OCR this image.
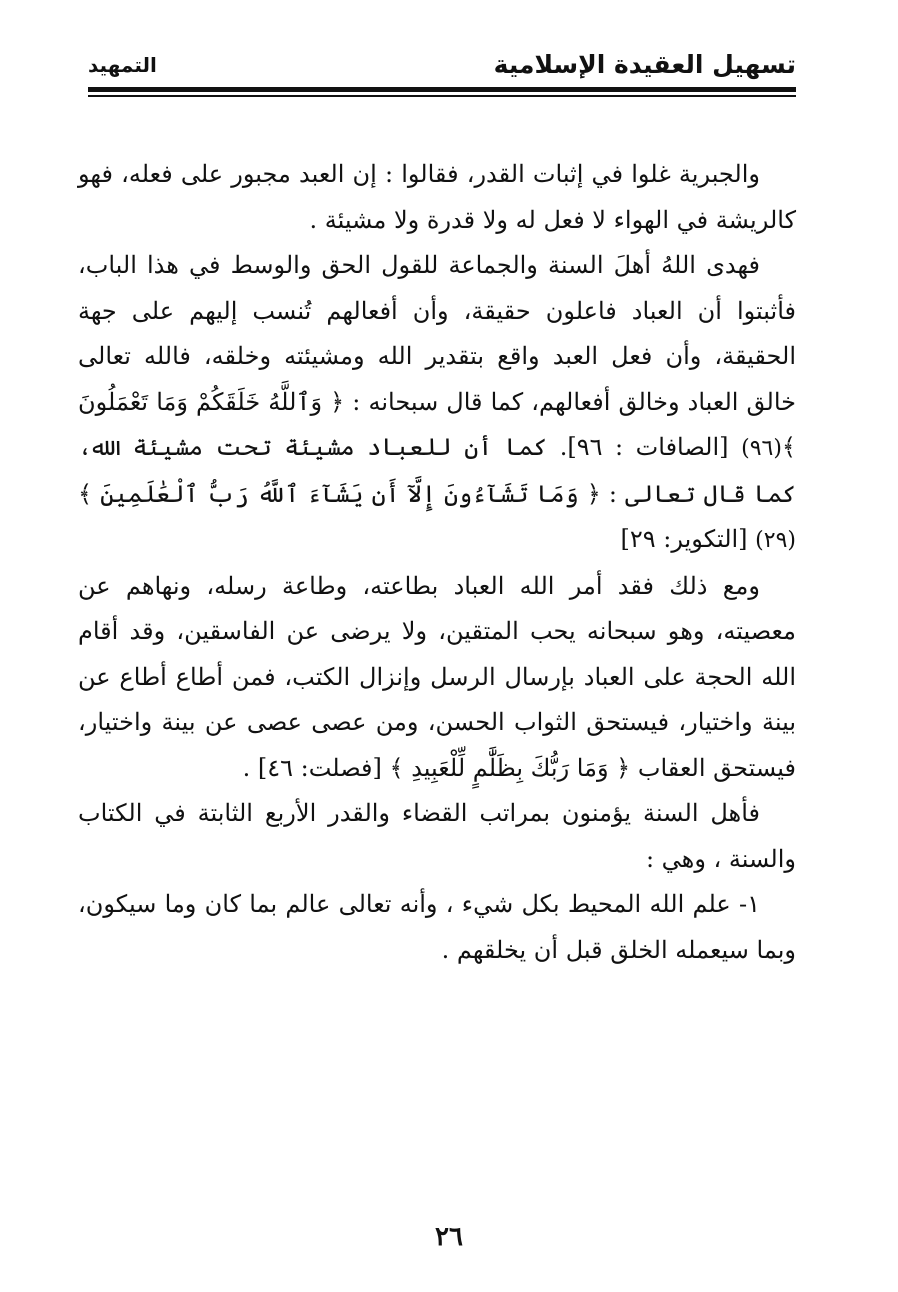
تسهيل العقيدة الإسلامية
التمهيد

والجبرية غلوا في إثبات القدر، فقالوا : إن العبد مجبور على فعله، فهو كالريشة في الهواء لا فعل له ولا قدرة ولا مشيئة .

فهدى اللهُ أهلَ السنة والجماعة للقول الحق والوسط في هذا الباب، فأثبتوا أن العباد فاعلون حقيقة، وأن أفعالهم تُنسب إليهم على جهة الحقيقة، وأن فعل العبد واقع بتقدير الله ومشيئته وخلقه، فالله تعالى خالق العباد وخالق أفعالهم، كما قال سبحانه : ﴿ وَٱللَّهُ خَلَقَكُمْ وَمَا تَعْمَلُونَ ﴾(٩٦) [الصافات : ٩٦]. كما أن للعباد مشيئة تحت مشيئة الله، كما قال تعالى : ﴿ وَمَا تَشَآءُونَ إِلَّآ أَن يَشَآءَ ٱللَّهُ رَبُّ ٱلْعَٰلَمِينَ ﴾(٢٩) [التكوير: ٢٩]

ومع ذلك فقد أمر الله العباد بطاعته، وطاعة رسله، ونهاهم عن معصيته، وهو سبحانه يحب المتقين، ولا يرضى عن الفاسقين، وقد أقام الله الحجة على العباد بإرسال الرسل وإنزال الكتب، فمن أطاع أطاع عن بينة واختيار، فيستحق الثواب الحسن، ومن عصى عصى عن بينة واختيار، فيستحق العقاب ﴿ وَمَا رَبُّكَ بِظَلَّٰمٍ لِّلْعَبِيدِ ﴾ [فصلت: ٤٦] .

فأهل السنة يؤمنون بمراتب القضاء والقدر الأربع الثابتة في الكتاب والسنة ، وهي :

١- علم الله المحيط بكل شيء ، وأنه تعالى عالم بما كان وما سيكون، وبما سيعمله الخلق قبل أن يخلقهم .

٢٦
